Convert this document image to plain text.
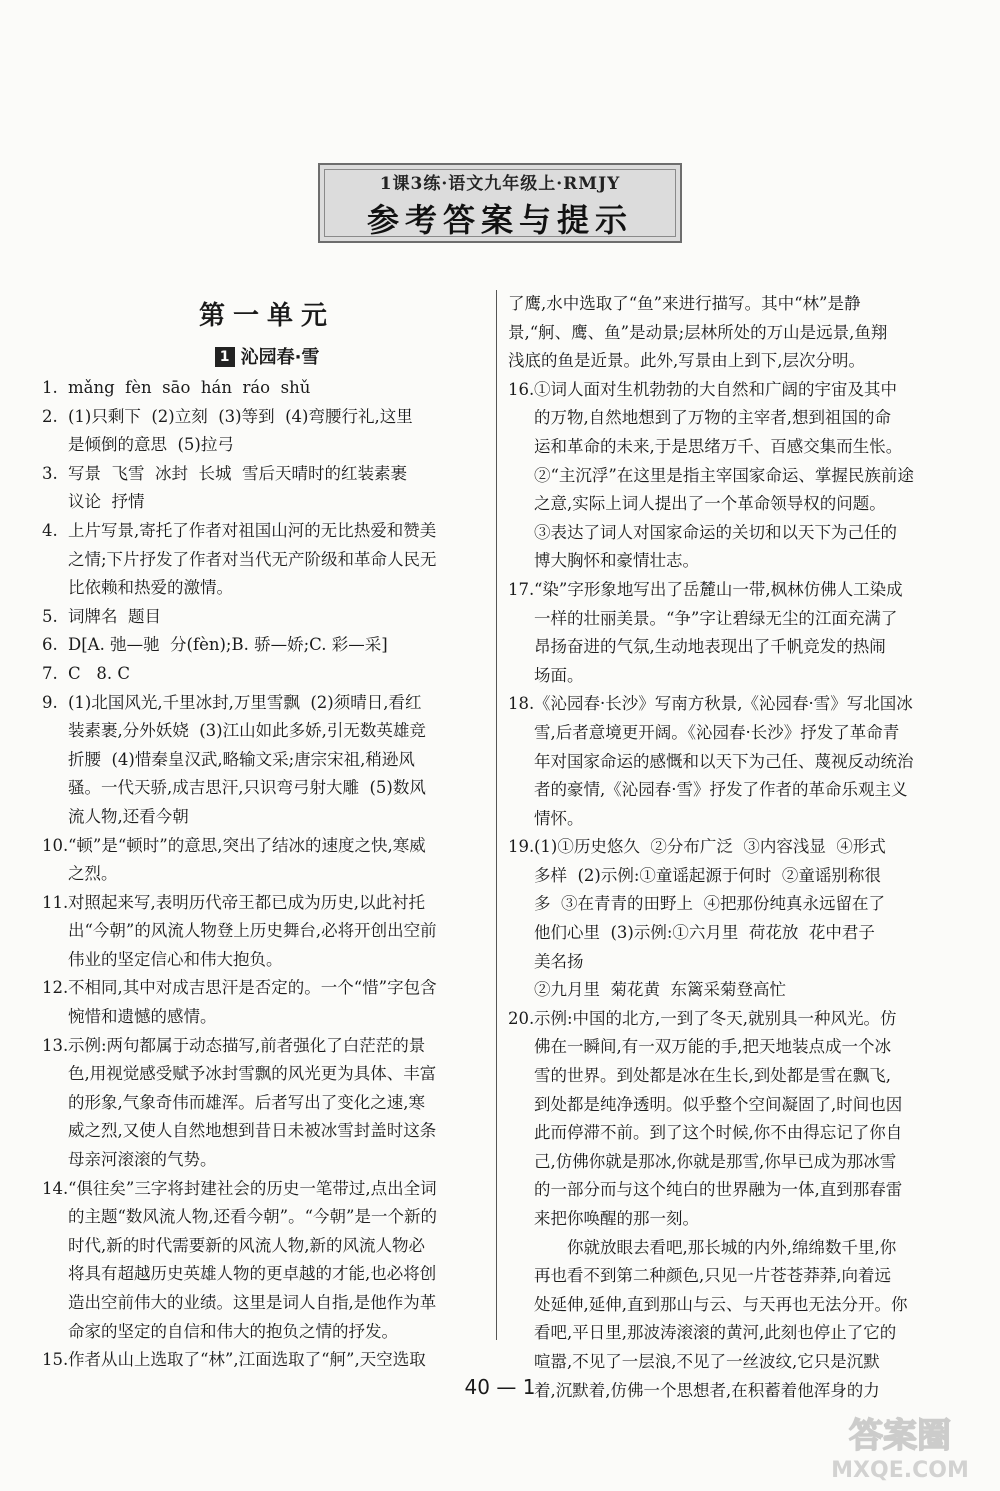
1课3练·语文九年级上·RMJY
参考答案与提示
第一单元
1 沁园春·雪
1. mǎng  fèn  sāo  hán  ráo  shǔ
2. (1)只剩下  (2)立刻  (3)等到  (4)弯腰行礼,这里
是倾倒的意思  (5)拉弓
3. 写景  飞雪  冰封  长城  雪后天晴时的红装素裹
议论  抒情
4. 上片写景,寄托了作者对祖国山河的无比热爱和赞美
之情;下片抒发了作者对当代无产阶级和革命人民无
比依赖和热爱的激情。
5. 词牌名  题目
6. D[A. 弛—驰  分(fèn);B. 骄—娇;C. 彩—采]
7. C   8. C
9. (1)北国风光,千里冰封,万里雪飘  (2)须晴日,看红
装素裹,分外妖娆  (3)江山如此多娇,引无数英雄竞
折腰  (4)惜秦皇汉武,略输文采;唐宗宋祖,稍逊风
骚。一代天骄,成吉思汗,只识弯弓射大雕  (5)数风
流人物,还看今朝
10. “顿”是“顿时”的意思,突出了结冰的速度之快,寒威
之烈。
11. 对照起来写,表明历代帝王都已成为历史,以此衬托
出“今朝”的风流人物登上历史舞台,必将开创出空前
伟业的坚定信心和伟大抱负。
12. 不相同,其中对成吉思汗是否定的。一个“惜”字包含
惋惜和遗憾的感情。
13. 示例:两句都属于动态描写,前者强化了白茫茫的景
色,用视觉感受赋予冰封雪飘的风光更为具体、丰富
的形象,气象奇伟而雄浑。后者写出了变化之速,寒
威之烈,又使人自然地想到昔日未被冰雪封盖时这条
母亲河滚滚的气势。
14. “俱往矣”三字将封建社会的历史一笔带过,点出全词
的主题“数风流人物,还看今朝”。“今朝”是一个新的
时代,新的时代需要新的风流人物,新的风流人物必
将具有超越历史英雄人物的更卓越的才能,也必将创
造出空前伟大的业绩。这里是词人自指,是他作为革
命家的坚定的自信和伟大的抱负之情的抒发。
15. 作者从山上选取了“林”,江面选取了“舸”,天空选取
了鹰,水中选取了“鱼”来进行描写。其中“林”是静
景,“舸、鹰、鱼”是动景;层林所处的万山是远景,鱼翔
浅底的鱼是近景。此外,写景由上到下,层次分明。
16. ①词人面对生机勃勃的大自然和广阔的宇宙及其中
的万物,自然地想到了万物的主宰者,想到祖国的命
运和革命的未来,于是思绪万千、百感交集而生怅。
②“主沉浮”在这里是指主宰国家命运、掌握民族前途
之意,实际上词人提出了一个革命领导权的问题。
③表达了词人对国家命运的关切和以天下为己任的
博大胸怀和豪情壮志。
17. “染”字形象地写出了岳麓山一带,枫林仿佛人工染成
一样的壮丽美景。“争”字让碧绿无尘的江面充满了
昂扬奋进的气氛,生动地表现出了千帆竞发的热闹
场面。
18. 《沁园春·长沙》写南方秋景,《沁园春·雪》写北国冰
雪,后者意境更开阔。《沁园春·长沙》抒发了革命青
年对国家命运的感慨和以天下为己任、蔑视反动统治
者的豪情,《沁园春·雪》抒发了作者的革命乐观主义
情怀。
19. (1)①历史悠久  ②分布广泛  ③内容浅显  ④形式
多样  (2)示例:①童谣起源于何时  ②童谣别称很
多  ③在青青的田野上  ④把那份纯真永远留在了
他们心里  (3)示例:①六月里  荷花放  花中君子
美名扬
②九月里  菊花黄  东篱采菊登高忙
20. 示例:中国的北方,一到了冬天,就别具一种风光。仿
佛在一瞬间,有一双万能的手,把天地装点成一个冰
雪的世界。到处都是冰在生长,到处都是雪在飘飞,
到处都是纯净透明。似乎整个空间凝固了,时间也因
此而停滞不前。到了这个时候,你不由得忘记了你自
己,仿佛你就是那冰,你就是那雪,你早已成为那冰雪
的一部分而与这个纯白的世界融为一体,直到那春雷
来把你唤醒的那一刻。
你就放眼去看吧,那长城的内外,绵绵数千里,你
再也看不到第二种颜色,只见一片苍苍莽莽,向着远
处延伸,延伸,直到那山与云、与天再也无法分开。你
看吧,平日里,那波涛滚滚的黄河,此刻也停止了它的
喧嚣,不见了一层浪,不见了一丝波纹,它只是沉默
着,沉默着,仿佛一个思想者,在积蓄着他浑身的力
40 — 1
答案圈
MXQE.COM
